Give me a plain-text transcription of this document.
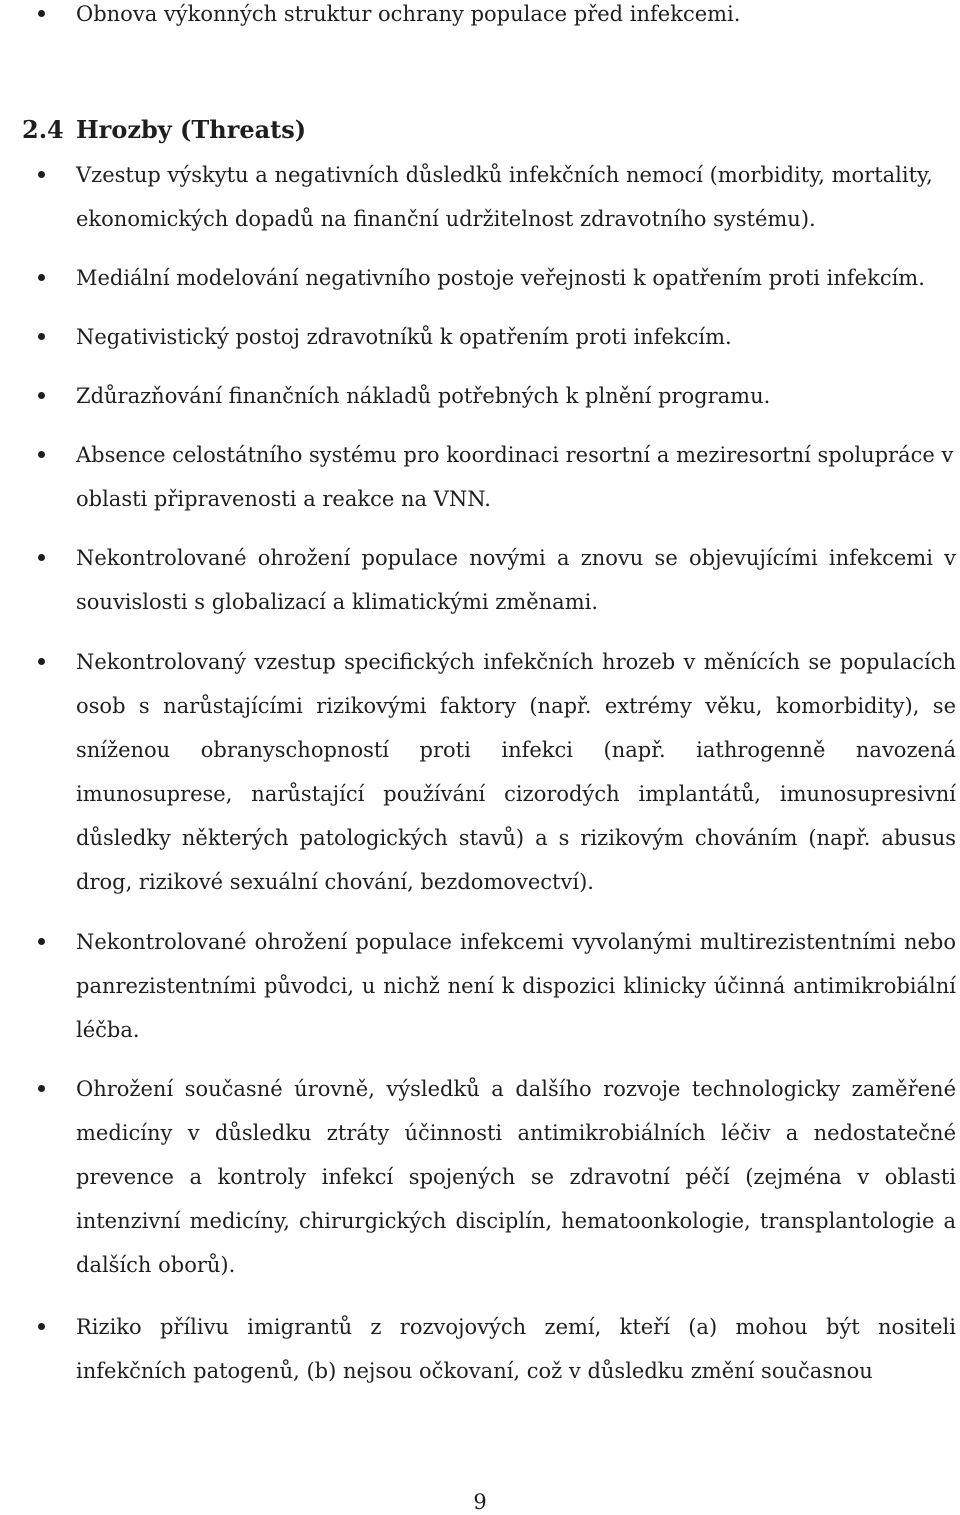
Obnova výkonných struktur ochrany populace před infekcemi.

2.4 Hrozby (Threats)

Vzestup výskytu a negativních důsledků infekčních nemocí (morbidity, mortality, ekonomických dopadů na finanční udržitelnost zdravotního systému).

Mediální modelování negativního postoje veřejnosti k opatřením proti infekcím.

Negativistický postoj zdravotníků k opatřením proti infekcím.

Zdůrazňování finančních nákladů potřebných k plnění programu.

Absence celostátního systému pro koordinaci resortní a meziresortní spolupráce v oblasti připravenosti a reakce na VNN.

Nekontrolované ohrožení populace novými a znovu se objevujícími infekcemi v souvislosti s globalizací a klimatickými změnami.

Nekontrolovaný vzestup specifických infekčních hrozeb v měnících se populacích osob s narůstajícími rizikovými faktory (např. extrémy věku, komorbidity), se sníženou obranyschopností proti infekci (např. iathrogenně navozená imunosuprese, narůstající používání cizorodých implantátů, imunosupresivní důsledky některých patologických stavů) a s rizikovým chováním (např. abusus drog, rizikové sexuální chování, bezdomovectví).

Nekontrolované ohrožení populace infekcemi vyvolanými multirezistentními nebo panrezistentními původci, u nichž není k dispozici klinicky účinná antimikrobiální léčba.

Ohrožení současné úrovně, výsledků a dalšího rozvoje technologicky zaměřené medicíny v důsledku ztráty účinnosti antimikrobiálních léčiv a nedostatečné prevence a kontroly infekcí spojených se zdravotní péčí (zejména v oblasti intenzivní medicíny, chirurgických disciplín, hematoonkologie, transplantologie a dalších oborů).

Riziko přílivu imigrantů z rozvojových zemí, kteří (a) mohou být nositeli infekčních patogenů, (b) nejsou očkovaní, což v důsledku změní současnou

9
